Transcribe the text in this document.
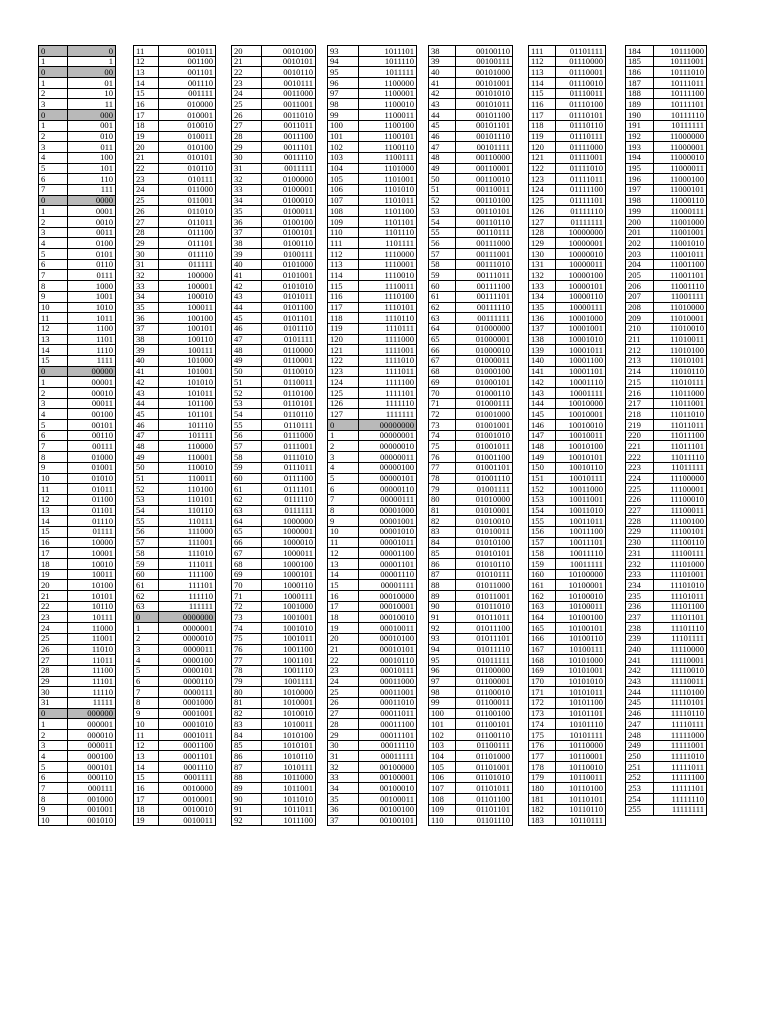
0	0
1	1
0	00
1	01
2	10
3	11
0	000
1	001
2	010
3	011
4	100
5	101
6	110
7	111
0	0000
1	0001
2	0010
3	0011
4	0100
5	0101
6	0110
7	0111
8	1000
9	1001
10	1010
11	1011
12	1100
13	1101
14	1110
15	1111
0	00000
1	00001
2	00010
3	00011
4	00100
5	00101
6	00110
7	00111
8	01000
9	01001
10	01010
11	01011
12	01100
13	01101
14	01110
15	01111
16	10000
17	10001
18	10010
19	10011
20	10100
21	10101
22	10110
23	10111
24	11000
25	11001
26	11010
27	11011
28	11100
29	11101
30	11110
31	11111
0	000000
1	000001
2	000010
3	000011
4	000100
5	000101
6	000110
7	000111
8	001000
9	001001
10	001010
11	001011
12	001100
13	001101
14	001110
15	001111
16	010000
17	010001
18	010010
19	010011
20	010100
21	010101
22	010110
23	010111
24	011000
25	011001
26	011010
27	011011
28	011100
29	011101
30	011110
31	011111
32	100000
33	100001
34	100010
35	100011
36	100100
37	100101
38	100110
39	100111
40	101000
41	101001
42	101010
43	101011
44	101100
45	101101
46	101110
47	101111
48	110000
49	110001
50	110010
51	110011
52	110100
53	110101
54	110110
55	110111
56	111000
57	111001
58	111010
59	111011
60	111100
61	111101
62	111110
63	111111
0	0000000
1	0000001
2	0000010
3	0000011
4	0000100
5	0000101
6	0000110
7	0000111
8	0001000
9	0001001
10	0001010
11	0001011
12	0001100
13	0001101
14	0001110
15	0001111
16	0010000
17	0010001
18	0010010
19	0010011
20	0010100
21	0010101
22	0010110
23	0010111
24	0011000
25	0011001
26	0011010
27	0011011
28	0011100
29	0011101
30	0011110
31	0011111
32	0100000
33	0100001
34	0100010
35	0100011
36	0100100
37	0100101
38	0100110
39	0100111
40	0101000
41	0101001
42	0101010
43	0101011
44	0101100
45	0101101
46	0101110
47	0101111
48	0110000
49	0110001
50	0110010
51	0110011
52	0110100
53	0110101
54	0110110
55	0110111
56	0111000
57	0111001
58	0111010
59	0111011
60	0111100
61	0111101
62	0111110
63	0111111
64	1000000
65	1000001
66	1000010
67	1000011
68	1000100
69	1000101
70	1000110
71	1000111
72	1001000
73	1001001
74	1001010
75	1001011
76	1001100
77	1001101
78	1001110
79	1001111
80	1010000
81	1010001
82	1010010
83	1010011
84	1010100
85	1010101
86	1010110
87	1010111
88	1011000
89	1011001
90	1011010
91	1011011
92	1011100
93	1011101
94	1011110
95	1011111
96	1100000
97	1100001
98	1100010
99	1100011
100	1100100
101	1100101
102	1100110
103	1100111
104	1101000
105	1101001
106	1101010
107	1101011
108	1101100
109	1101101
110	1101110
111	1101111
112	1110000
113	1110001
114	1110010
115	1110011
116	1110100
117	1110101
118	1110110
119	1110111
120	1111000
121	1111001
122	1111010
123	1111011
124	1111100
125	1111101
126	1111110
127	1111111
0	00000000
1	00000001
2	00000010
3	00000011
4	00000100
5	00000101
6	00000110
7	00000111
8	00001000
9	00001001
10	00001010
11	00001011
12	00001100
13	00001101
14	00001110
15	00001111
16	00010000
17	00010001
18	00010010
19	00010011
20	00010100
21	00010101
22	00010110
23	00010111
24	00011000
25	00011001
26	00011010
27	00011011
28	00011100
29	00011101
30	00011110
31	00011111
32	00100000
33	00100001
34	00100010
35	00100011
36	00100100
37	00100101
38	00100110
39	00100111
40	00101000
41	00101001
42	00101010
43	00101011
44	00101100
45	00101101
46	00101110
47	00101111
48	00110000
49	00110001
50	00110010
51	00110011
52	00110100
53	00110101
54	00110110
55	00110111
56	00111000
57	00111001
58	00111010
59	00111011
60	00111100
61	00111101
62	00111110
63	00111111
64	01000000
65	01000001
66	01000010
67	01000011
68	01000100
69	01000101
70	01000110
71	01000111
72	01001000
73	01001001
74	01001010
75	01001011
76	01001100
77	01001101
78	01001110
79	01001111
80	01010000
81	01010001
82	01010010
83	01010011
84	01010100
85	01010101
86	01010110
87	01010111
88	01011000
89	01011001
90	01011010
91	01011011
92	01011100
93	01011101
94	01011110
95	01011111
96	01100000
97	01100001
98	01100010
99	01100011
100	01100100
101	01100101
102	01100110
103	01100111
104	01101000
105	01101001
106	01101010
107	01101011
108	01101100
109	01101101
110	01101110
111	01101111
112	01110000
113	01110001
114	01110010
115	01110011
116	01110100
117	01110101
118	01110110
119	01110111
120	01111000
121	01111001
122	01111010
123	01111011
124	01111100
125	01111101
126	01111110
127	01111111
128	10000000
129	10000001
130	10000010
131	10000011
132	10000100
133	10000101
134	10000110
135	10000111
136	10001000
137	10001001
138	10001010
139	10001011
140	10001100
141	10001101
142	10001110
143	10001111
144	10010000
145	10010001
146	10010010
147	10010011
148	10010100
149	10010101
150	10010110
151	10010111
152	10011000
153	10011001
154	10011010
155	10011011
156	10011100
157	10011101
158	10011110
159	10011111
160	10100000
161	10100001
162	10100010
163	10100011
164	10100100
165	10100101
166	10100110
167	10100111
168	10101000
169	10101001
170	10101010
171	10101011
172	10101100
173	10101101
174	10101110
175	10101111
176	10110000
177	10110001
178	10110010
179	10110011
180	10110100
181	10110101
182	10110110
183	10110111
184	10111000
185	10111001
186	10111010
187	10111011
188	10111100
189	10111101
190	10111110
191	10111111
192	11000000
193	11000001
194	11000010
195	11000011
196	11000100
197	11000101
198	11000110
199	11000111
200	11001000
201	11001001
202	11001010
203	11001011
204	11001100
205	11001101
206	11001110
207	11001111
208	11010000
209	11010001
210	11010010
211	11010011
212	11010100
213	11010101
214	11010110
215	11010111
216	11011000
217	11011001
218	11011010
219	11011011
220	11011100
221	11011101
222	11011110
223	11011111
224	11100000
225	11100001
226	11100010
227	11100011
228	11100100
229	11100101
230	11100110
231	11100111
232	11101000
233	11101001
234	11101010
235	11101011
236	11101100
237	11101101
238	11101110
239	11101111
240	11110000
241	11110001
242	11110010
243	11110011
244	11110100
245	11110101
246	11110110
247	11110111
248	11111000
249	11111001
250	11111010
251	11111011
252	11111100
253	11111101
254	11111110
255	11111111
